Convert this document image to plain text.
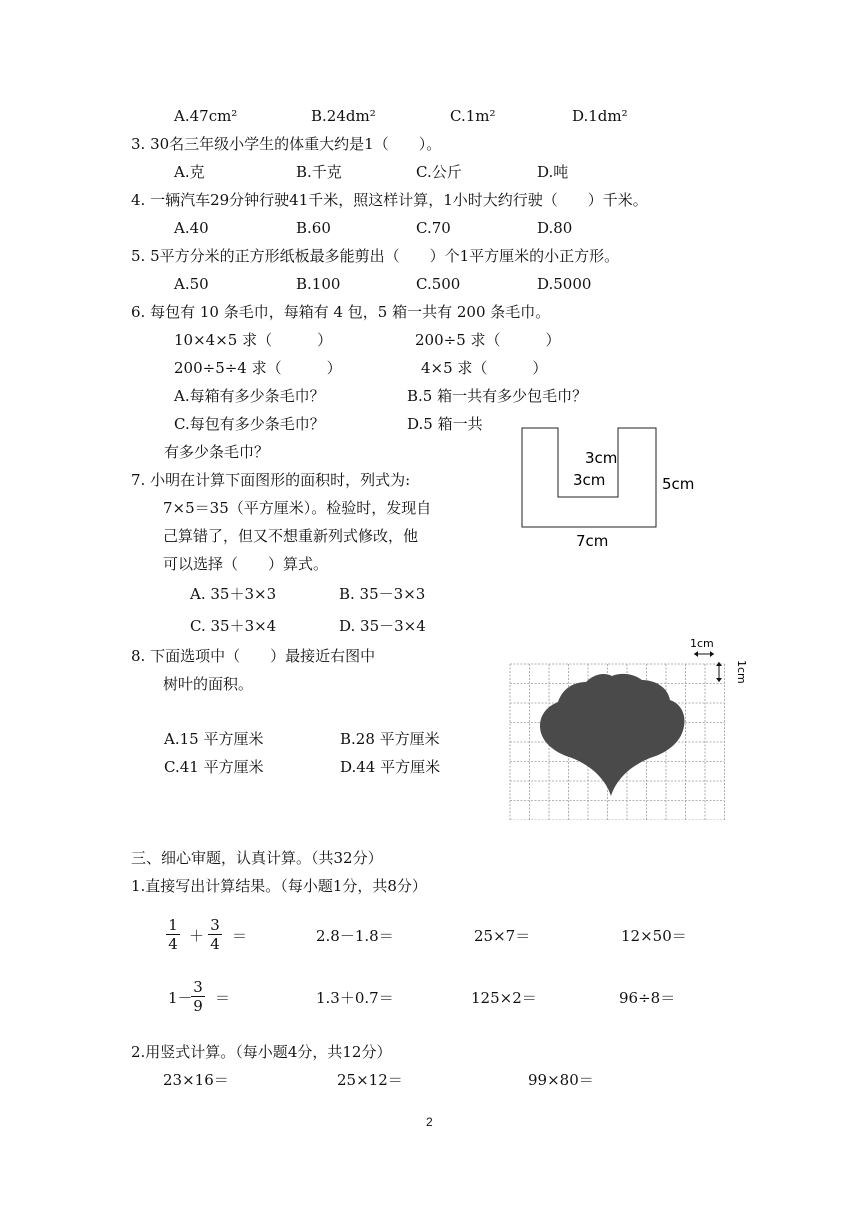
A.47cm²	B.24dm²	C.1m²	D.1dm²
3. 30名三年级小学生的体重大约是1（　　）。
A.克	B.千克	C.公斤	D.吨
4. 一辆汽车29分钟行驶41千米，照这样计算，1小时大约行驶（　　）千米。
A.40	B.60	C.70	D.80
5. 5平方分米的正方形纸板最多能剪出（　　）个1平方厘米的小正方形。
A.50	B.100	C.500	D.5000
6. 每包有 10 条毛巾，每箱有 4 包，5 箱一共有 200 条毛巾。
10×4×5 求（　　　）	200÷5 求（　　　）
200÷5÷4 求（　　　）	4×5 求（　　　）
A.每箱有多少条毛巾？	B.5 箱一共有多少包毛巾？
C.每包有多少条毛巾？	D.5 箱一共
有多少条毛巾？
7. 小明在计算下面图形的面积时，列式为:
7×5＝35（平方厘米）。检验时，发现自
己算错了，但又不想重新列式修改，他
可以选择（　　）算式。
A. 35＋3×3	B. 35－3×3
C. 35＋3×4	D. 35－3×4
3cm
3cm	5cm
7cm
8. 下面选项中（　　）最接近右图中
树叶的面积。
A.15 平方厘米	B.28 平方厘米
C.41 平方厘米	D.44 平方厘米
1cm
1cm
三、细心审题，认真计算。（共32分）
1.直接写出计算结果。（每小题1分，共8分）
1
4 ＋
3
4 ＝	2.8－1.8＝	25×7＝	12×50＝
1－
3
9 ＝	1.3＋0.7＝	125×2＝	96÷8＝
2.用竖式计算。（每小题4分，共12分）
23×16＝	25×12＝	99×80＝
2
